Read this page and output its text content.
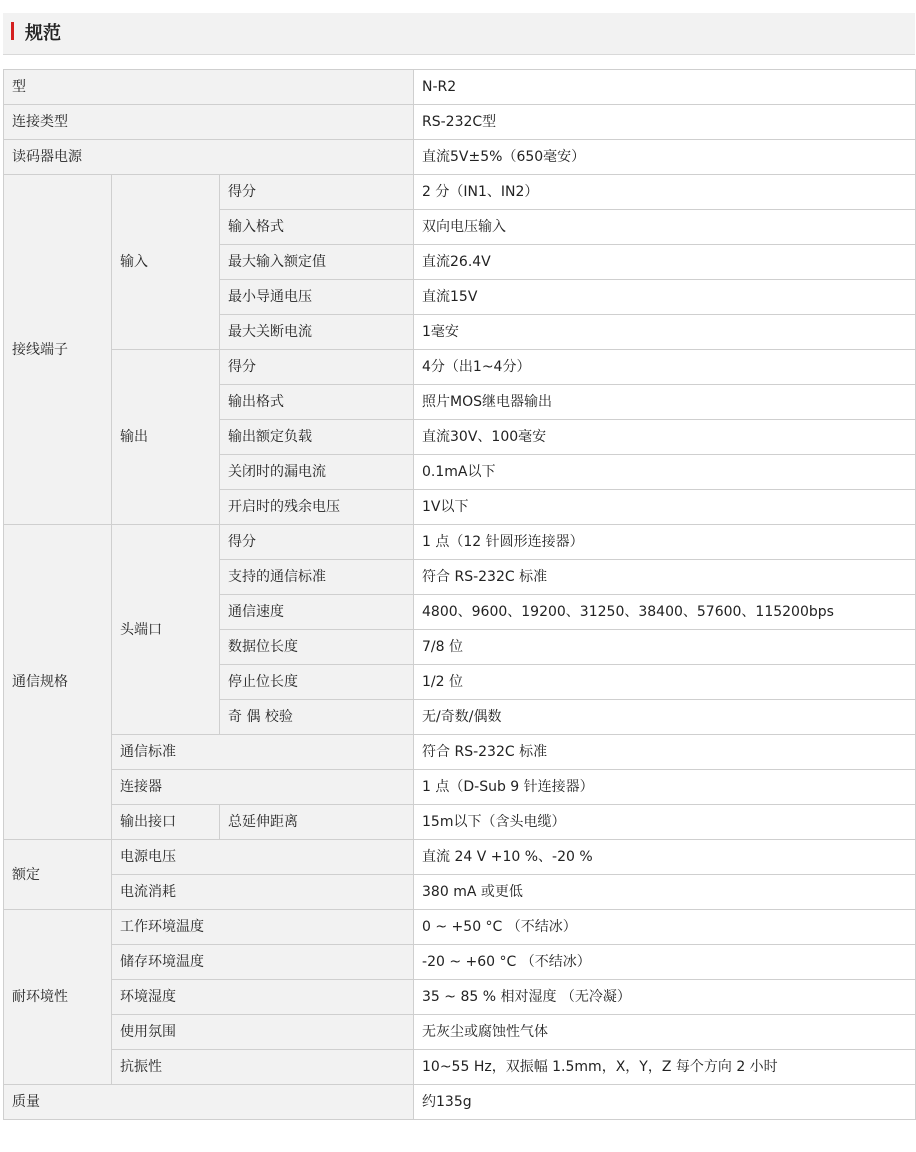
规范
型			N-R2
连接类型			RS-232C型
读码器电源			直流5V±5%（650毫安）
接线端子	输入	得分	2 分（IN1、IN2）
		输入格式	双向电压输入
		最大输入额定值	直流26.4V
		最小导通电压	直流15V
		最大关断电流	1毫安
	输出	得分	4分（出1~4分）
		输出格式	照片MOS继电器输出
		输出额定负载	直流30V、100毫安
		关闭时的漏电流	0.1mA以下
		开启时的残余电压	1V以下
通信规格	头端口	得分	1 点（12 针圆形连接器）
		支持的通信标准	符合 RS-232C 标准
		通信速度	4800、9600、19200、31250、38400、57600、115200bps
		数据位长度	7/8 位
		停止位长度	1/2 位
		奇 偶 校验	无/奇数/偶数
	通信标准		符合 RS-232C 标准
	连接器		1 点（D-Sub 9 针连接器）
	输出接口	总延伸距离	15m以下（含头电缆）
额定	电源电压		直流 24 V +10 %、-20 %
	电流消耗		380 mA 或更低
耐环境性	工作环境温度		0 ~ +50 °C （不结冰）
	储存环境温度		-20 ~ +60 °C （不结冰）
	环境湿度		35 ~ 85 % 相对湿度 （无冷凝）
	使用氛围		无灰尘或腐蚀性气体
	抗振性		10~55 Hz，双振幅 1.5mm，X，Y，Z 每个方向 2 小时
质量			约135g
